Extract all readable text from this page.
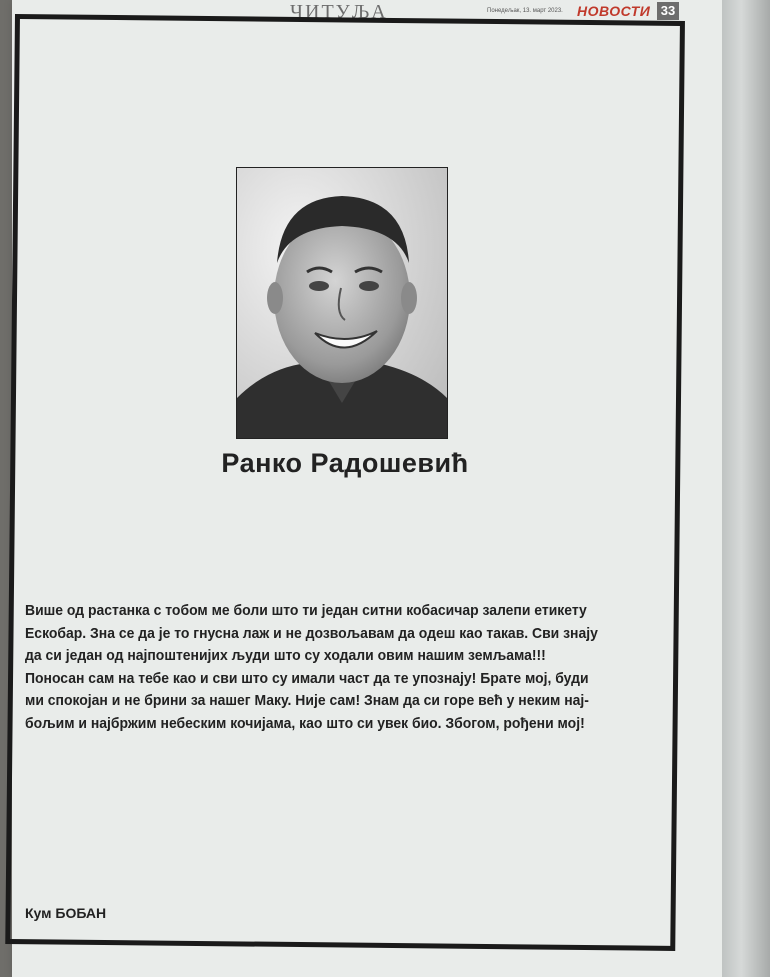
ЧИТУЉА	Понедељак, 13. март 2023. НОВОСТИ 33
Ранко Радошевић
Више од растанка с тобом ме боли што ти један ситни кобасичар залепи етикету
Ескобар. Зна се да је то гнусна лаж и не дозвољавам да одеш као такав. Сви знају
да си један од најпоштенијих људи што су ходали овим нашим земљама!!!
Поносан сам на тебе као и сви што су имали част да те упознају! Брате мој, буди
ми спокојан и не брини за нашег Маку. Није сам! Знам да си горе већ у неким нај-
бољим и најбржим небеским кочијама, као што си увек био. Збогом, рођени мој!
Кум БОБАН
